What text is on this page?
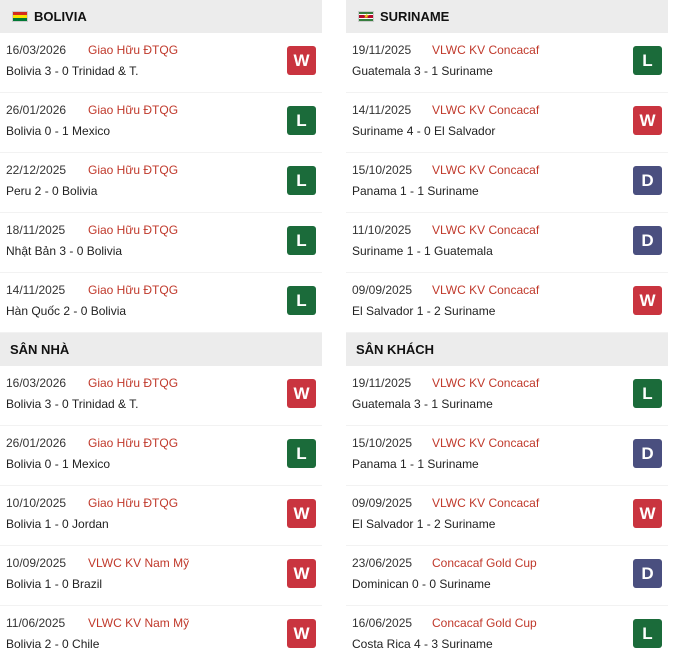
BOLIVIA
16/03/2026 Giao Hữu ĐTQG
Bolivia 3 - 0 Trinidad & T.
W
26/01/2026 Giao Hữu ĐTQG
Bolivia 0 - 1 Mexico
L
22/12/2025 Giao Hữu ĐTQG
Peru 2 - 0 Bolivia
L
18/11/2025 Giao Hữu ĐTQG
Nhật Bản 3 - 0 Bolivia
L
14/11/2025 Giao Hữu ĐTQG
Hàn Quốc 2 - 0 Bolivia
L
SÂN NHÀ
16/03/2026 Giao Hữu ĐTQG
Bolivia 3 - 0 Trinidad & T.
W
26/01/2026 Giao Hữu ĐTQG
Bolivia 0 - 1 Mexico
L
10/10/2025 Giao Hữu ĐTQG
Bolivia 1 - 0 Jordan
W
10/09/2025 VLWC KV Nam Mỹ
Bolivia 1 - 0 Brazil
W
11/06/2025 VLWC KV Nam Mỹ
Bolivia 2 - 0 Chile
W
★ SURINAME
19/11/2025 VLWC KV Concacaf
Guatemala 3 - 1 Suriname
L
14/11/2025 VLWC KV Concacaf
Suriname 4 - 0 El Salvador
W
15/10/2025 VLWC KV Concacaf
Panama 1 - 1 Suriname
D
11/10/2025 VLWC KV Concacaf
Suriname 1 - 1 Guatemala
D
09/09/2025 VLWC KV Concacaf
El Salvador 1 - 2 Suriname
W
SÂN KHÁCH
19/11/2025 VLWC KV Concacaf
Guatemala 3 - 1 Suriname
L
15/10/2025 VLWC KV Concacaf
Panama 1 - 1 Suriname
D
09/09/2025 VLWC KV Concacaf
El Salvador 1 - 2 Suriname
W
23/06/2025 Concacaf Gold Cup
Dominican 0 - 0 Suriname
D
16/06/2025 Concacaf Gold Cup
Costa Rica 4 - 3 Suriname
L
